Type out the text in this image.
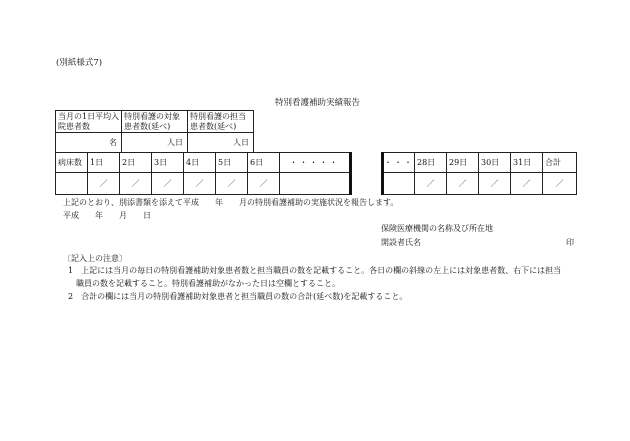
(別紙様式7)
特別看護補助実績報告
当月の1日平均入院患者数	特別看護の対象患者数(延べ)	特別看護の担当患者数(延べ)
名	人日	人日
病床数	1日	2日	3日	4日	5日	6日	・・・・・
	／	／	／	／	／	／	
・・・	28日	29日	30日	31日	合計
	／	／	／	／	／
上記のとおり、別添書類を添えて平成　　年　　月の特別看護補助の実施状況を報告します。
平成　　年　　月　　日
保険医療機関の名称及び所在地
開設者氏名	印
〔記入上の注意〕
1　上記には当月の毎日の特別看護補助対象患者数と担当職員の数を記載すること。各日の欄の斜線の左上には対象患者数、右下には担当
職員の数を記載すること。特別看護補助がなかった日は空欄とすること。
2　合計の欄には当月の特別看護補助対象患者と担当職員の数の合計(延べ数)を記載すること。
